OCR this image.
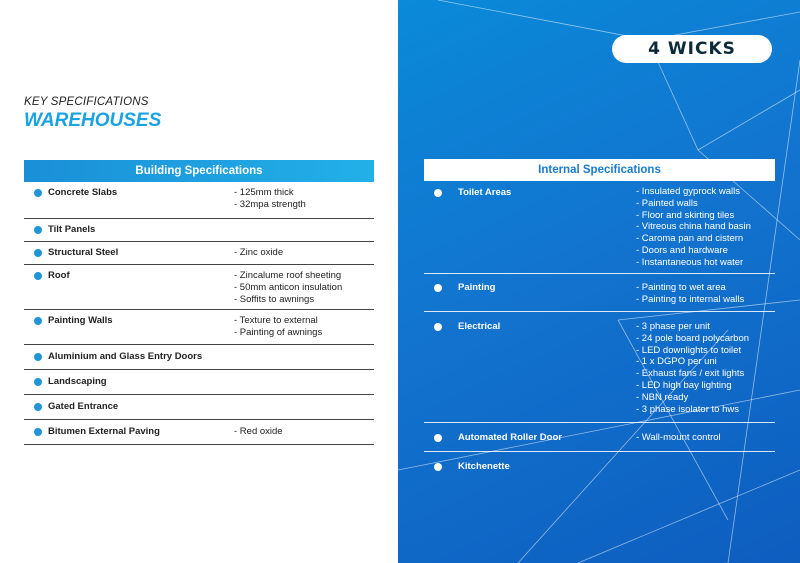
KEY SPECIFICATIONS
WAREHOUSES
Building Specifications
Concrete Slabs	- 125mm thick
- 32mpa strength
Tilt Panels
Structural Steel	- Zinc oxide
Roof	- Zincalume roof sheeting
- 50mm anticon insulation
- Soffits to awnings
Painting Walls	- Texture to external
- Painting of awnings
Aluminium and Glass Entry Doors
Landscaping
Gated Entrance
Bitumen External Paving	- Red oxide
4 WICKS
Internal Specifications
Toilet Areas	- Insulated gyprock walls
- Painted walls
- Floor and skirting tiles
- Vitreous china hand basin
- Caroma pan and cistern
- Doors and hardware
- Instantaneous hot water
Painting	- Painting to wet area
- Painting to internal walls
Electrical	- 3 phase per unit
- 24 pole board polycarbon
- LED downlights to toilet
- 1 x DGPO per uni
- Exhaust fans / exit lights
- LED high bay lighting
- NBN ready
- 3 phase isolator to hws
Automated Roller Door	- Wall-mount control
Kitchenette
